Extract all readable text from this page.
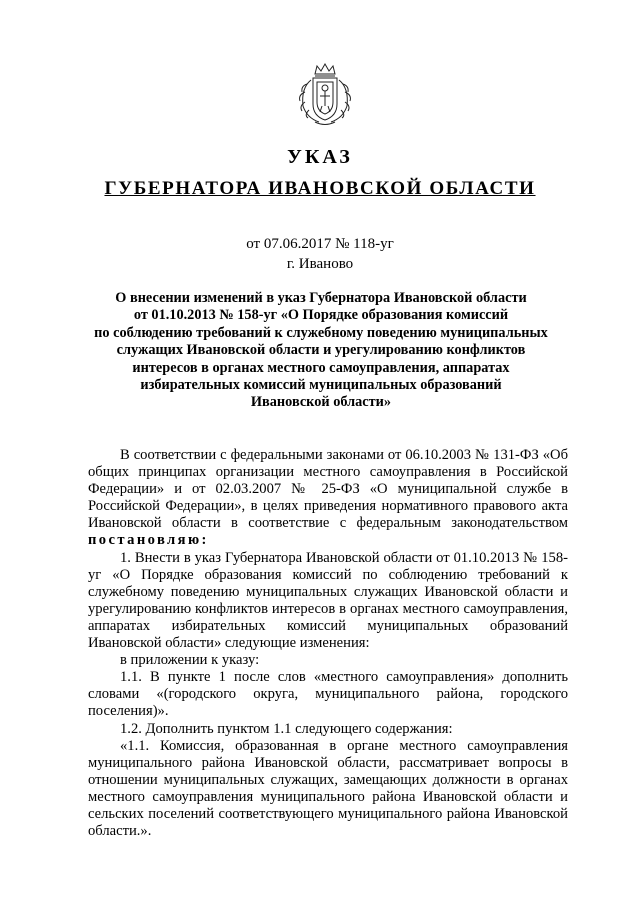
УКАЗ
ГУБЕРНАТОРА ИВАНОВСКОЙ ОБЛАСТИ
от 07.06.2017 № 118-уг
г. Иваново
О внесении изменений в указ Губернатора Ивановской области
от 01.10.2013 № 158-уг «О Порядке образования комиссий
по соблюдению требований к служебному поведению муниципальных
служащих Ивановской области и урегулированию конфликтов
интересов в органах местного самоуправления, аппаратах
избирательных комиссий муниципальных образований
Ивановской области»

В соответствии с федеральными законами от 06.10.2003 № 131-ФЗ «Об общих принципах организации местного самоуправления в Российской Федерации» и от 02.03.2007 № 25-ФЗ «О муниципальной службе в Российской Федерации», в целях приведения нормативного правового акта Ивановской области в соответствие с федеральным законодательством постановляю:

1. Внести в указ Губернатора Ивановской области от 01.10.2013 № 158-уг «О Порядке образования комиссий по соблюдению требований к служебному поведению муниципальных служащих Ивановской области и урегулированию конфликтов интересов в органах местного самоуправления, аппаратах избирательных комиссий муниципальных образований Ивановской области» следующие изменения:

в приложении к указу:

1.1. В пункте 1 после слов «местного самоуправления» дополнить словами «(городского округа, муниципального района, городского поселения)».

1.2. Дополнить пунктом 1.1 следующего содержания:

«1.1. Комиссия, образованная в органе местного самоуправления муниципального района Ивановской области, рассматривает вопросы в отношении муниципальных служащих, замещающих должности в органах местного самоуправления муниципального района Ивановской области и сельских поселений соответствующего муниципального района Ивановской области.».
